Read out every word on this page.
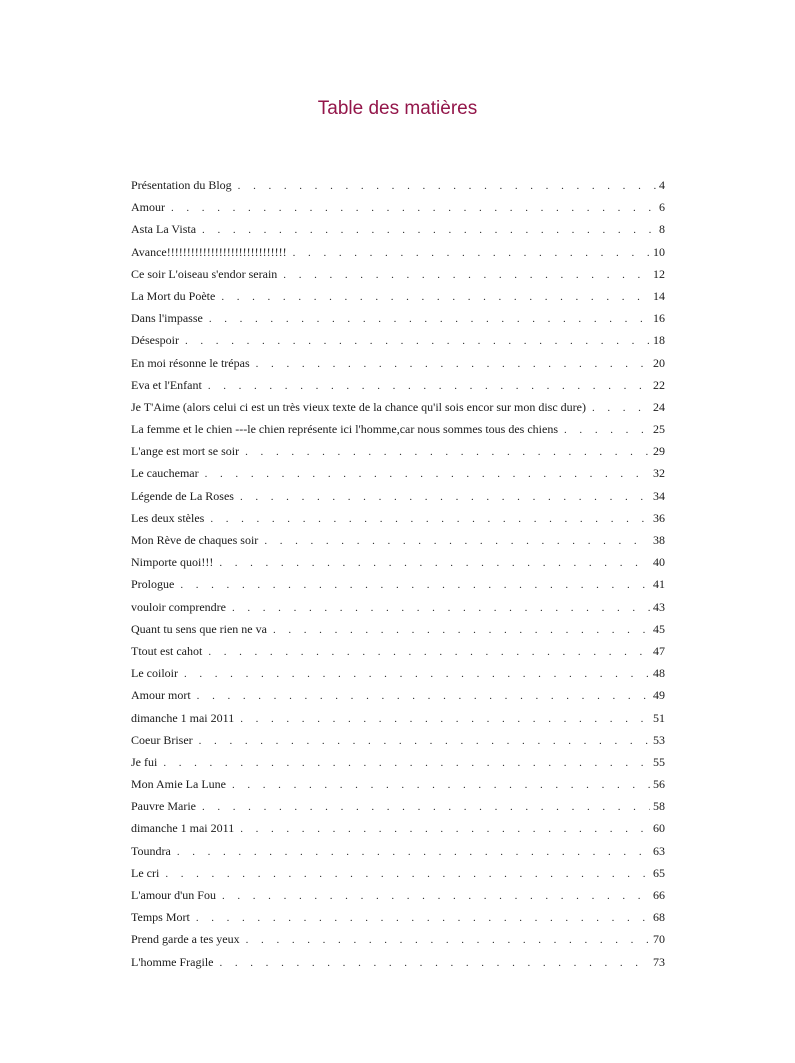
Table des matières
Présentation du Blog . . .	4
Amour . . .	6
Asta La Vista . . .	8
Avance!!!!!!!!!!!!!!!!!!!!!!!!!!!!!! . . .	10
Ce soir L'oiseau s'endor serain . . .	12
La Mort du Poète . . .	14
Dans l'impasse . . .	16
Désespoir . . .	18
En moi résonne le trépas . . .	20
Eva et l'Enfant . . .	22
Je T'Aime (alors celui ci est un très vieux texte de la chance qu'il sois encor sur mon disc dure) . . .	24
La femme et le chien ---le chien représente ici l'homme,car nous sommes tous des chiens . . .	25
L'ange est mort se soir . . .	29
Le cauchemar . . .	32
Légende de La Roses . . .	34
Les deux stèles . . .	36
Mon Rève de chaques soir . . .	38
Nimporte quoi!!! . . .	40
Prologue . . .	41
vouloir comprendre . . .	43
Quant tu sens que rien ne va . . .	45
Ttout est cahot . . .	47
Le coiloir . . .	48
Amour mort . . .	49
dimanche 1 mai 2011 . . .	51
Coeur Briser . . .	53
Je fui . . .	55
Mon Amie La Lune . . .	56
Pauvre Marie . . .	58
dimanche 1 mai 2011 . . .	60
Toundra . . .	63
Le cri . . .	65
L'amour d'un Fou . . .	66
Temps Mort . . .	68
Prend garde a tes yeux . . .	70
L'homme Fragile . . .	73
